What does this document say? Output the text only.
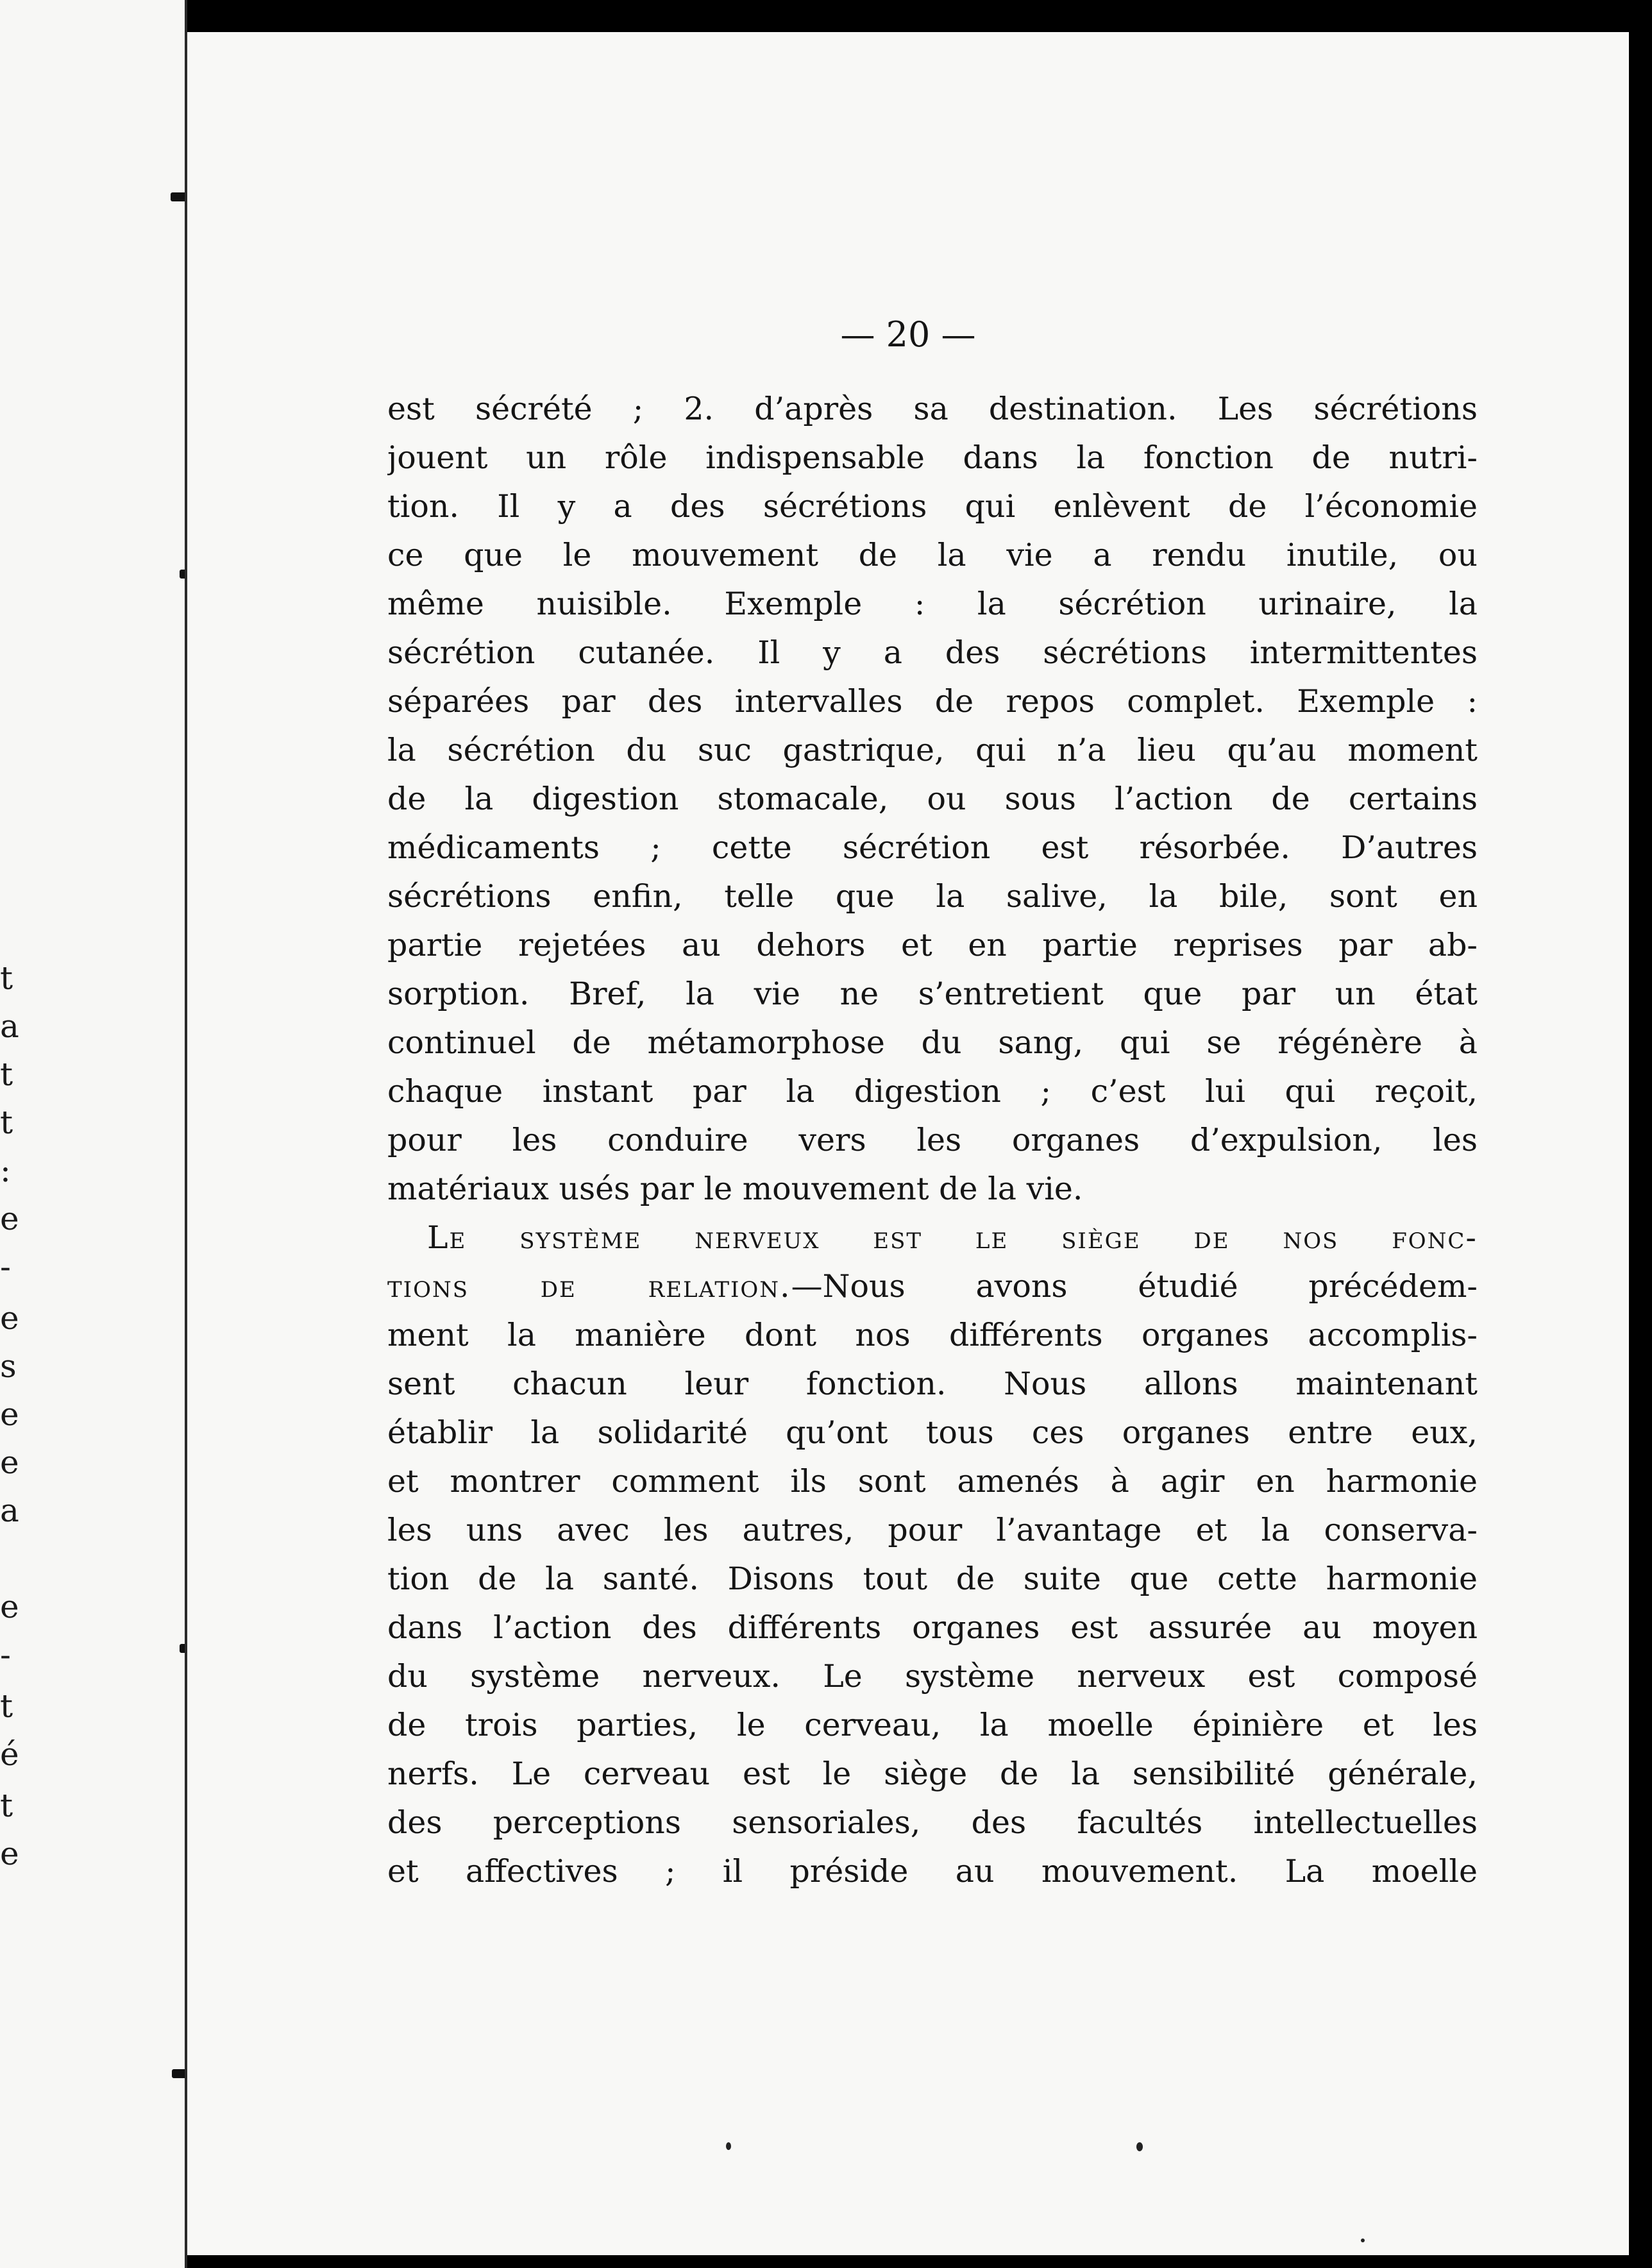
t
a
t
t
:
e
-
e
s
e
e
a
e
-
t
é
t
e
— 20 —
est sécrété ; 2. d’après sa destination. Les sécrétions
jouent un rôle indispensable dans la fonction de nutri-
tion. Il y a des sécrétions qui enlèvent de l’économie
ce que le mouvement de la vie a rendu inutile, ou
même nuisible. Exemple : la sécrétion urinaire, la
sécrétion cutanée. Il y a des sécrétions intermittentes
séparées par des intervalles de repos complet. Exemple :
la sécrétion du suc gastrique, qui n’a lieu qu’au moment
de la digestion stomacale, ou sous l’action de certains
médicaments ; cette sécrétion est résorbée. D’autres
sécrétions enfin, telle que la salive, la bile, sont en
partie rejetées au dehors et en partie reprises par ab-
sorption. Bref, la vie ne s’entretient que par un état
continuel de métamorphose du sang, qui se régénère à
chaque instant par la digestion ; c’est lui qui reçoit,
pour les conduire vers les organes d’expulsion, les
matériaux usés par le mouvement de la vie.
Le système nerveux est le siège de nos fonc-
tions de relation.—Nous avons étudié précédem-
ment la manière dont nos différents organes accomplis-
sent chacun leur fonction. Nous allons maintenant
établir la solidarité qu’ont tous ces organes entre eux,
et montrer comment ils sont amenés à agir en harmonie
les uns avec les autres, pour l’avantage et la conserva-
tion de la santé. Disons tout de suite que cette harmonie
dans l’action des différents organes est assurée au moyen
du système nerveux. Le système nerveux est composé
de trois parties, le cerveau, la moelle épinière et les
nerfs. Le cerveau est le siège de la sensibilité générale,
des perceptions sensoriales, des facultés intellectuelles
et affectives ; il préside au mouvement. La moelle
